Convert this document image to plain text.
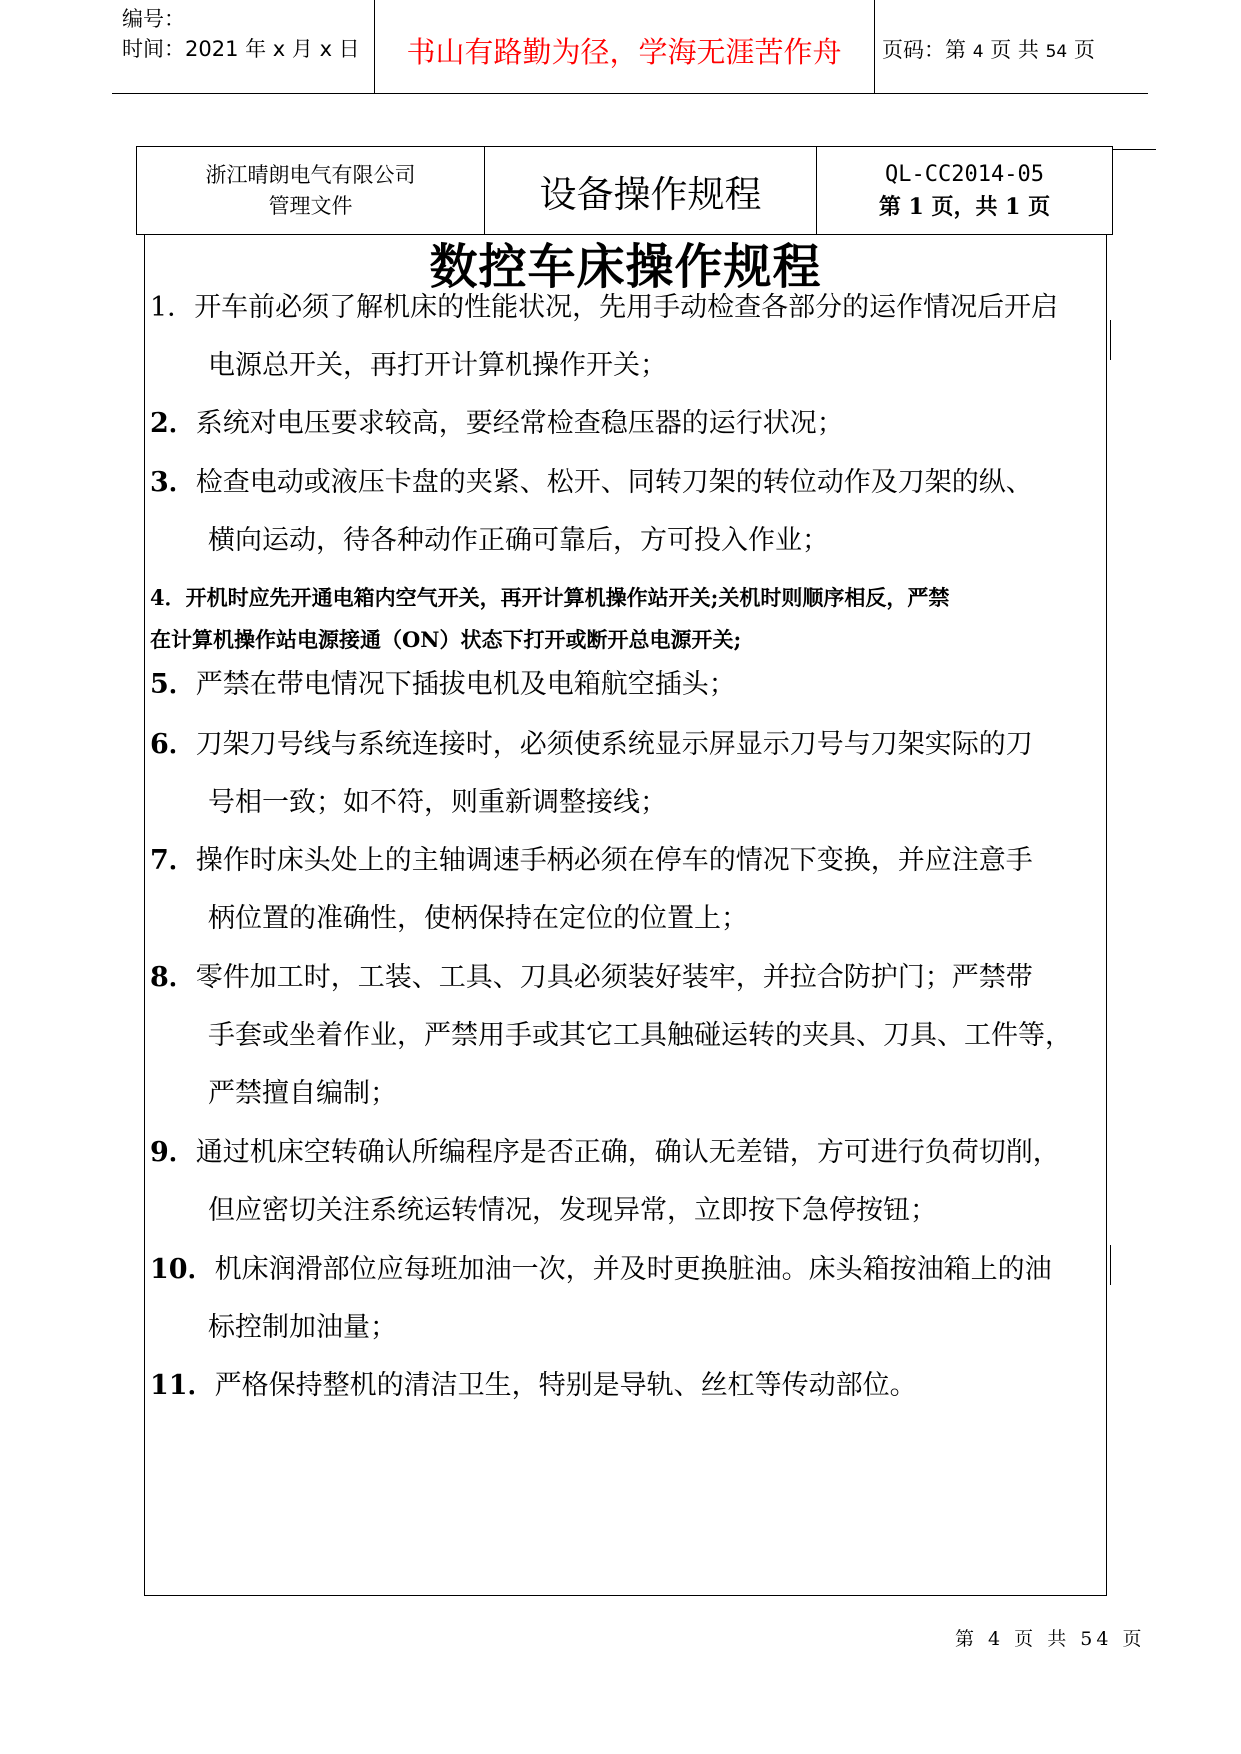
编号：
时间：2021 年 x 月 x 日	书山有路勤为径，学海无涯苦作舟	页码：第 4 页 共 54 页
浙江晴朗电气有限公司
管理文件	设备操作规程	QL-CC2014-05
第 1 页，共 1 页
数控车床操作规程
1．开车前必须了解机床的性能状况，先用手动检查各部分的运作情况后开启
电源总开关，再打开计算机操作开关；
2．系统对电压要求较高，要经常检查稳压器的运行状况；
3．检查电动或液压卡盘的夹紧、松开、同转刀架的转位动作及刀架的纵、
横向运动，待各种动作正确可靠后，方可投入作业；
4．开机时应先开通电箱内空气开关，再开计算机操作站开关;关机时则顺序相反，严禁
在计算机操作站电源接通（ON）状态下打开或断开总电源开关;
5．严禁在带电情况下插拔电机及电箱航空插头；
6．刀架刀号线与系统连接时，必须使系统显示屏显示刀号与刀架实际的刀
号相一致；如不符，则重新调整接线；
7．操作时床头处上的主轴调速手柄必须在停车的情况下变换，并应注意手
柄位置的准确性，使柄保持在定位的位置上；
8．零件加工时，工装、工具、刀具必须装好装牢，并拉合防护门；严禁带
手套或坐着作业，严禁用手或其它工具触碰运转的夹具、刀具、工件等，
严禁擅自编制；
9．通过机床空转确认所编程序是否正确，确认无差错，方可进行负荷切削，
但应密切关注系统运转情况，发现异常，立即按下急停按钮；
10．机床润滑部位应每班加油一次，并及时更换脏油。床头箱按油箱上的油
标控制加油量；
11．严格保持整机的清洁卫生，特别是导轨、丝杠等传动部位。
第 4 页 共 54 页
